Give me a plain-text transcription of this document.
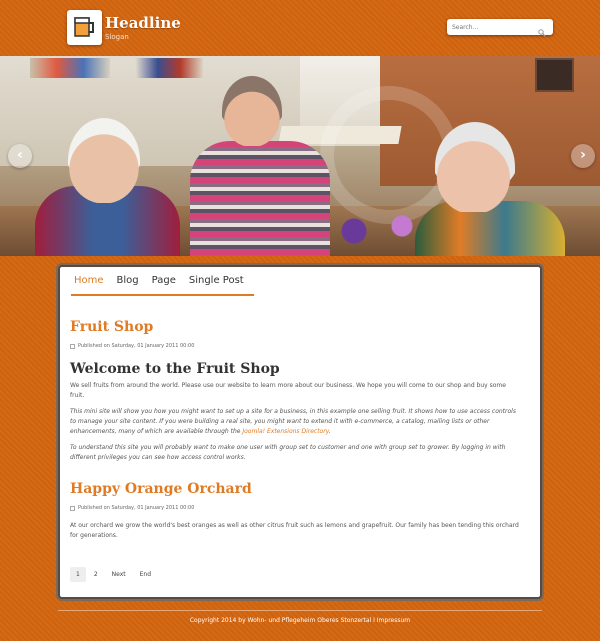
Headline
Slogan
Search...
‹	›
Home	Blog	Page	Single Post
Fruit Shop
Published on Saturday, 01 January 2011 00:00
Welcome to the Fruit Shop
We sell fruits from around the world. Please use our website to learn more about our business. We hope you will come to our shop and buy some fruit.
This mini site will show you how you might want to set up a site for a business, in this example one selling fruit. It shows how to use access controls to manage your site content. If you were building a real site, you might want to extend it with e-commerce, a catalog, mailing lists or other enhancements, many of which are available through the Joomla! Extensions Directory.
To understand this site you will probably want to make one user with group set to customer and one with group set to grower. By logging in with different privileges you can see how access control works.
Happy Orange Orchard
Published on Saturday, 01 January 2011 00:00
At our orchard we grow the world's best oranges as well as other citrus fruit such as lemons and grapefruit. Our family has been tending this orchard for generations.
1	2	Next	End
Copyright 2014 by Wohn- und Pflegeheim Oberes Stonzertal I Impressum
